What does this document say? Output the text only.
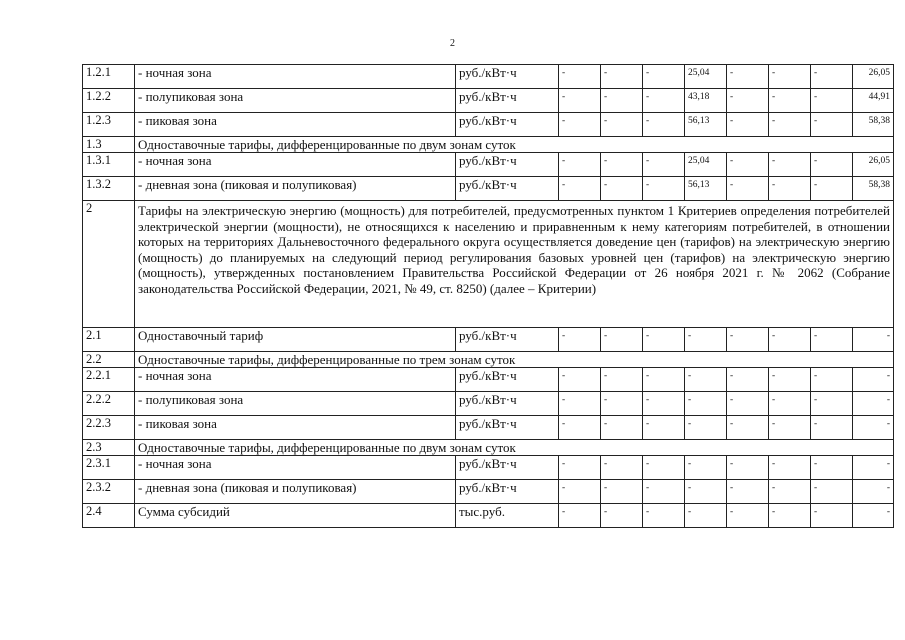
2
1.2.1	- ночная зона	руб./кВт·ч	-	-	-	25,04	-	-	-	26,05
1.2.2	- полупиковая зона	руб./кВт·ч	-	-	-	43,18	-	-	-	44,91
1.2.3	- пиковая зона	руб./кВт·ч	-	-	-	56,13	-	-	-	58,38
1.3	Одноставочные тарифы, дифференцированные по двум зонам суток									
1.3.1	- ночная зона	руб./кВт·ч	-	-	-	25,04	-	-	-	26,05
1.3.2	- дневная зона (пиковая и полупиковая)	руб./кВт·ч	-	-	-	56,13	-	-	-	58,38
2	Тарифы на электрическую энергию (мощность) для потребителей, предусмотренных пунктом 1 Критериев определения потребителей электрической энергии (мощности), не относящихся к населению и приравненным к нему категориям потребителей, в отношении которых на территориях Дальневосточного федерального округа осуществляется доведение цен (тарифов) на электрическую энергию (мощность) до планируемых на следующий период регулирования базовых уровней цен (тарифов) на электрическую энергию (мощность), утвержденных постановлением Правительства Российской Федерации от 26 ноября 2021 г. № 2062 (Собрание законодательства Российской Федерации, 2021, № 49, ст. 8250) (далее – Критерии)									
2.1	Одноставочный тариф	руб./кВт·ч	-	-	-	-	-	-	-	-
2.2	Одноставочные тарифы, дифференцированные по трем зонам суток									
2.2.1	- ночная зона	руб./кВт·ч	-	-	-	-	-	-	-	-
2.2.2	- полупиковая зона	руб./кВт·ч	-	-	-	-	-	-	-	-
2.2.3	- пиковая зона	руб./кВт·ч	-	-	-	-	-	-	-	-
2.3	Одноставочные тарифы, дифференцированные по двум зонам суток									
2.3.1	- ночная зона	руб./кВт·ч	-	-	-	-	-	-	-	-
2.3.2	- дневная зона (пиковая и полупиковая)	руб./кВт·ч	-	-	-	-	-	-	-	-
2.4	Сумма субсидий	тыс.руб.	-	-	-	-	-	-	-	-
